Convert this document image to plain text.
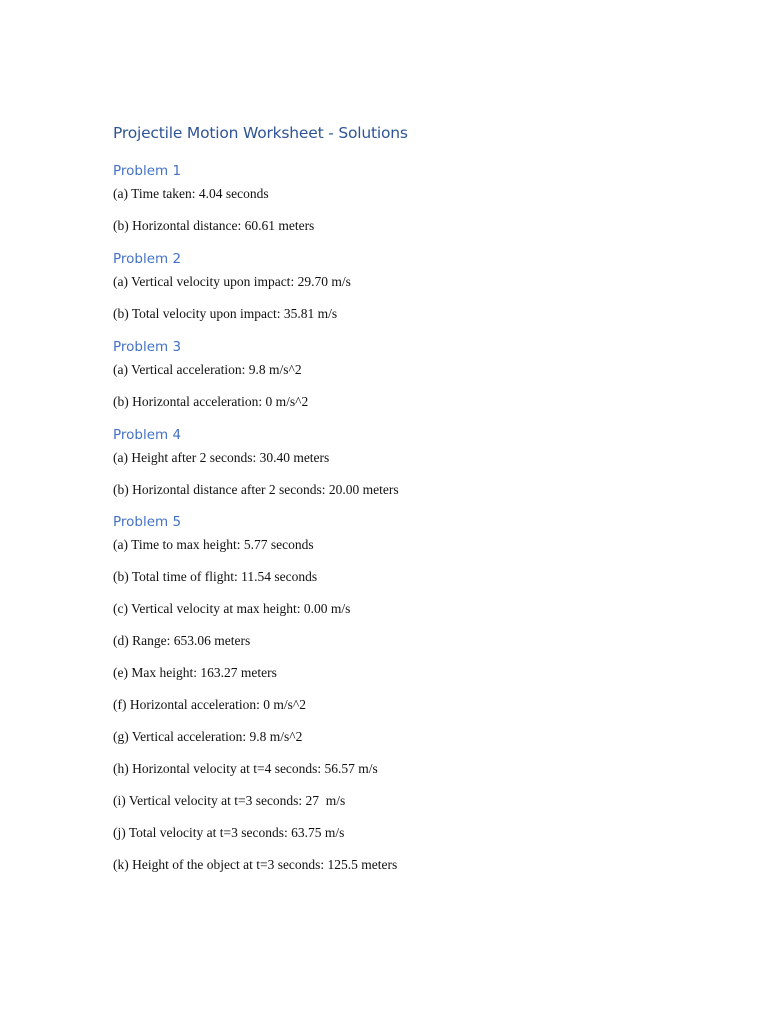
Projectile Motion Worksheet - Solutions
Problem 1

(a) Time taken: 4.04 seconds

(b) Horizontal distance: 60.61 meters

Problem 2

(a) Vertical velocity upon impact: 29.70 m/s

(b) Total velocity upon impact: 35.81 m/s

Problem 3

(a) Vertical acceleration: 9.8 m/s^2

(b) Horizontal acceleration: 0 m/s^2

Problem 4

(a) Height after 2 seconds: 30.40 meters

(b) Horizontal distance after 2 seconds: 20.00 meters

Problem 5

(a) Time to max height: 5.77 seconds

(b) Total time of flight: 11.54 seconds

(c) Vertical velocity at max height: 0.00 m/s

(d) Range: 653.06 meters

(e) Max height: 163.27 meters

(f) Horizontal acceleration: 0 m/s^2

(g) Vertical acceleration: 9.8 m/s^2

(h) Horizontal velocity at t=4 seconds: 56.57 m/s

(i) Vertical velocity at t=3 seconds: 27  m/s

(j) Total velocity at t=3 seconds: 63.75 m/s

(k) Height of the object at t=3 seconds: 125.5 meters
